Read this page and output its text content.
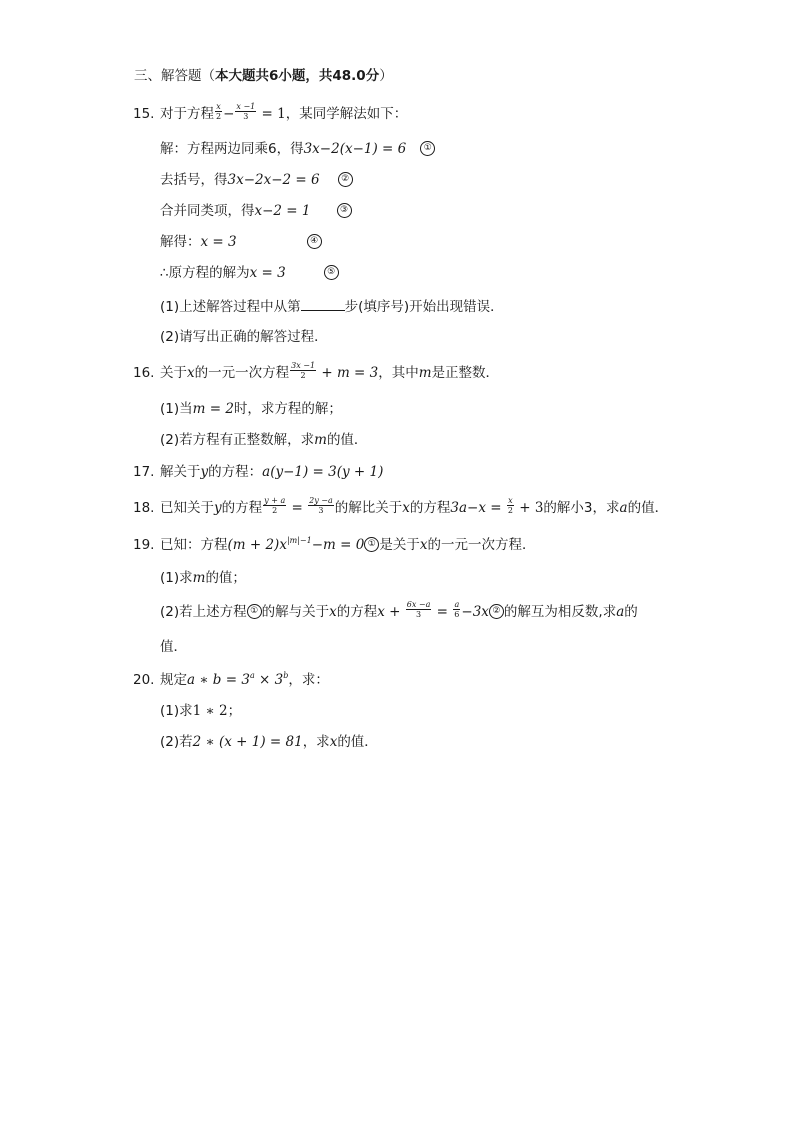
三、解答题（本大题共6小题，共48.0分）
15. 对于方程 $\frac{x}{2} - \frac{x -1}{3} = 1$，某同学解法如下：
解：方程两边同乘6，得3x−2(x−1) = 6 ①
去括号，得3x−2x−2 = 6 ②
合并同类项，得x−2 = 1	③
解得：x = 3	④
∴原方程的解为x = 3	⑤
(1)上述解答过程中从第	步(填序号)开始出现错误．
(2)请写出正确的解答过程．
16. 关于x的一元一次方程 $\frac{3x -1}{2} + m = 3$，其中m是正整数．
(1)当m = 2时，求方程的解；
(2)若方程有正整数解，求m的值．
17. 解关于y的方程：a(y−1) = 3(y + 1)
18. 已知关于y的方程 $\frac{y + a}{2} = \frac{2y -a}{3}$ 的解比关于x的方程$3a-x = \frac{x}{2} + 3$的解小3，求a的值．
19. 已知：方程$(m + 2)x^{|m|-1}-m = 0$ ① 是关于x的一元一次方程．
(1)求m的值；
(2)若上述方程 ① 的解与关于x的方程$x + \frac{6x -a}{3} = \frac{a}{6} -3x$ ② 的解互为相反数,求a的
值．
20. 规定a ∗ $b = 3^a \times 3^b$，求：
(1)求1 ∗ 2；
(2)若2 ∗ (x + 1) = 81，求x的值．
